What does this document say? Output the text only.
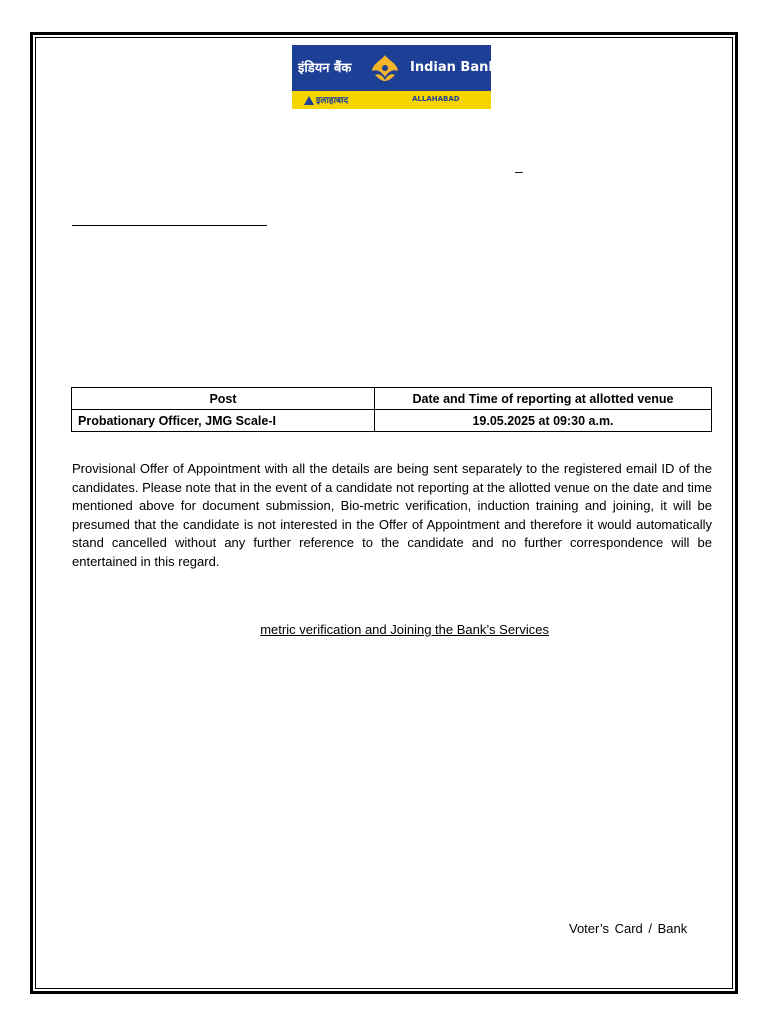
इंडियन बैंक	Indian Bank
इलाहाबाद	ALLAHABAD
–
Post	Date and Time of reporting at allotted venue
Probationary Officer, JMG Scale-I	19.05.2025 at 09:30 a.m.

Provisional Offer of Appointment with all the details are being sent separately to the registered email ID of the candidates. Please note that in the event of a candidate not reporting at the allotted venue on the date and time mentioned above for document submission, Bio-metric verification, induction training and joining, it will be presumed that the candidate is not interested in the Offer of Appointment and therefore it would automatically stand cancelled without any further reference to the candidate and no further correspondence will be entertained in this regard.

metric verification and Joining the Bank’s Services
Voter’s Card / Bank
